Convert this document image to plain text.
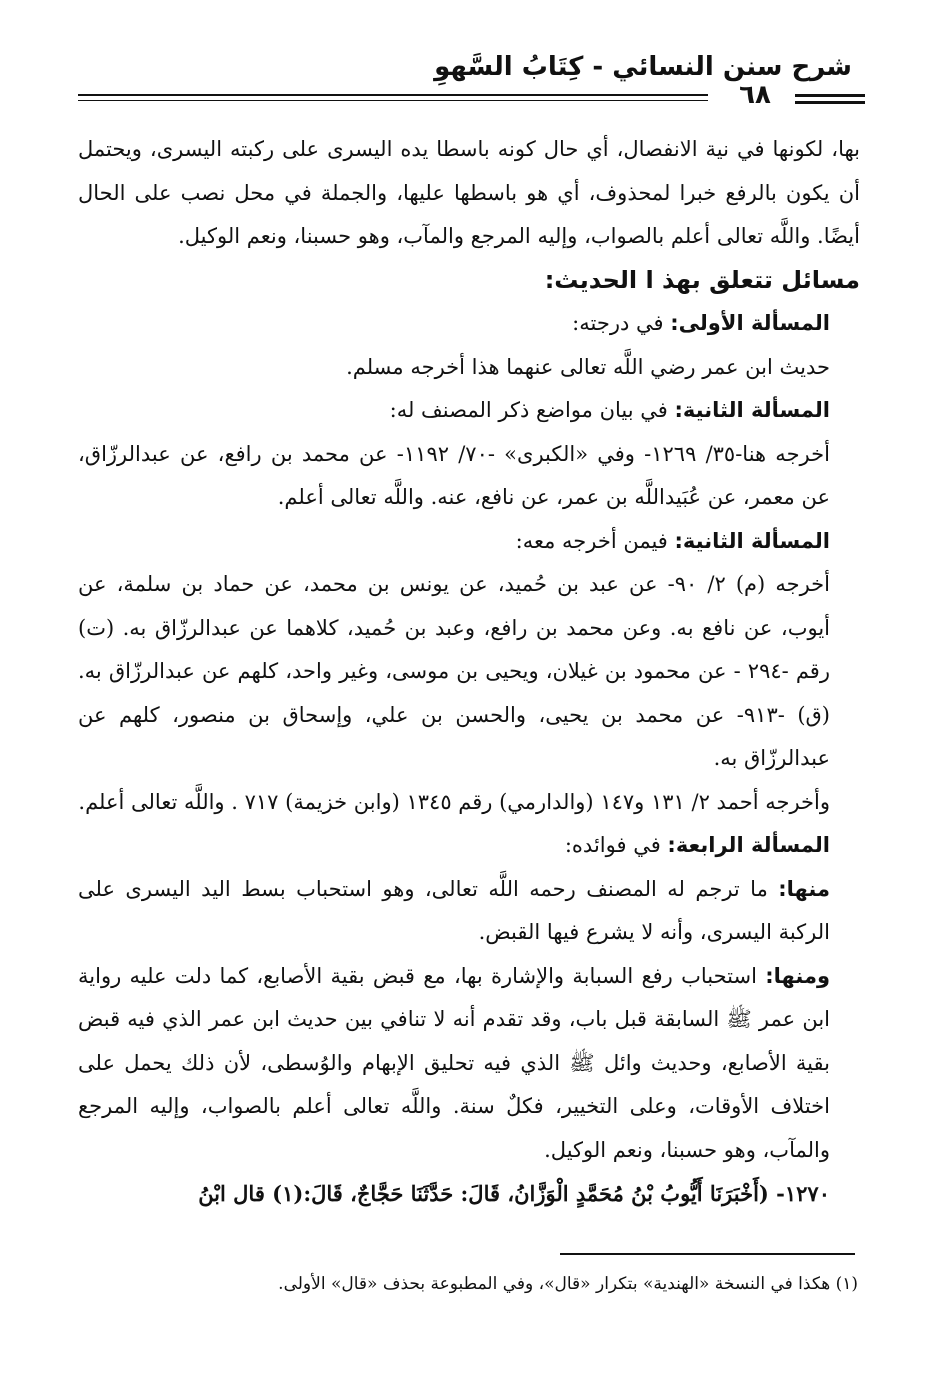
شرح سنن النسائي - كِتَابُ السَّهوِ
٦٨

بها، لكونها في نية الانفصال، أي حال كونه باسطا يده اليسرى على ركبته اليسرى، ويحتمل أن يكون بالرفع خبرا لمحذوف، أي هو باسطها عليها، والجملة في محل نصب على الحال أيضًا. واللَّه تعالى أعلم بالصواب، وإليه المرجع والمآب، وهو حسبنا، ونعم الوكيل.

مسائل تتعلق بهذ ا الحديث:

المسألة الأولى: في درجته:

حديث ابن عمر رضي اللَّه تعالى عنهما هذا أخرجه مسلم.

المسألة الثانية: في بيان مواضع ذكر المصنف له:

أخرجه هنا-٣٥/ ١٢٦٩- وفي «الكبرى» -٧٠/ ١١٩٢- عن محمد بن رافع، عن عبدالرزّاق، عن معمر، عن عُبَيداللَّه بن عمر، عن نافع، عنه. واللَّه تعالى أعلم.

المسألة الثانية: فيمن أخرجه معه:

أخرجه (م) ٢/ ٩٠- عن عبد بن حُميد، عن يونس بن محمد، عن حماد بن سلمة، عن أيوب، عن نافع به. وعن محمد بن رافع، وعبد بن حُميد، كلاهما عن عبدالرزّاق به. (ت) رقم -٢٩٤ - عن محمود بن غيلان، ويحيى بن موسى، وغير واحد، كلهم عن عبدالرزّاق به. (ق) -٩١٣- عن محمد بن يحيى، والحسن بن علي، وإسحاق بن منصور، كلهم عن عبدالرزّاق به.

وأخرجه أحمد ٢/ ١٣١ و١٤٧ (والدارمي) رقم ١٣٤٥ (وابن خزيمة) ٧١٧ . واللَّه تعالى أعلم.

المسألة الرابعة: في فوائده:

منها: ما ترجم له المصنف رحمه اللَّه تعالى، وهو استحباب بسط اليد اليسرى على الركبة اليسرى، وأنه لا يشرع فيها القبض.

ومنها: استحباب رفع السبابة والإشارة بها، مع قبض بقية الأصابع، كما دلت عليه رواية ابن عمر ﷺ السابقة قبل باب، وقد تقدم أنه لا تنافي بين حديث ابن عمر الذي فيه قبض بقية الأصابع، وحديث وائل ﷺ الذي فيه تحليق الإبهام والوُسطى، لأن ذلك يحمل على اختلاف الأوقات، وعلى التخيير، فكلٌ سنة. واللَّه تعالى أعلم بالصواب، وإليه المرجع والمآب، وهو حسبنا، ونعم الوكيل.

١٢٧٠- (أَخْبَرَنَا أَيُّوبُ بْنُ مُحَمَّدٍ الْوَزَّانُ، قَالَ: حَدَّثَنَا حَجَّاجٌ، قَالَ:(١) قال ابْنُ

(١) هكذا في النسخة «الهندية» بتكرار «قال»، وفي المطبوعة بحذف «قال» الأولى.
